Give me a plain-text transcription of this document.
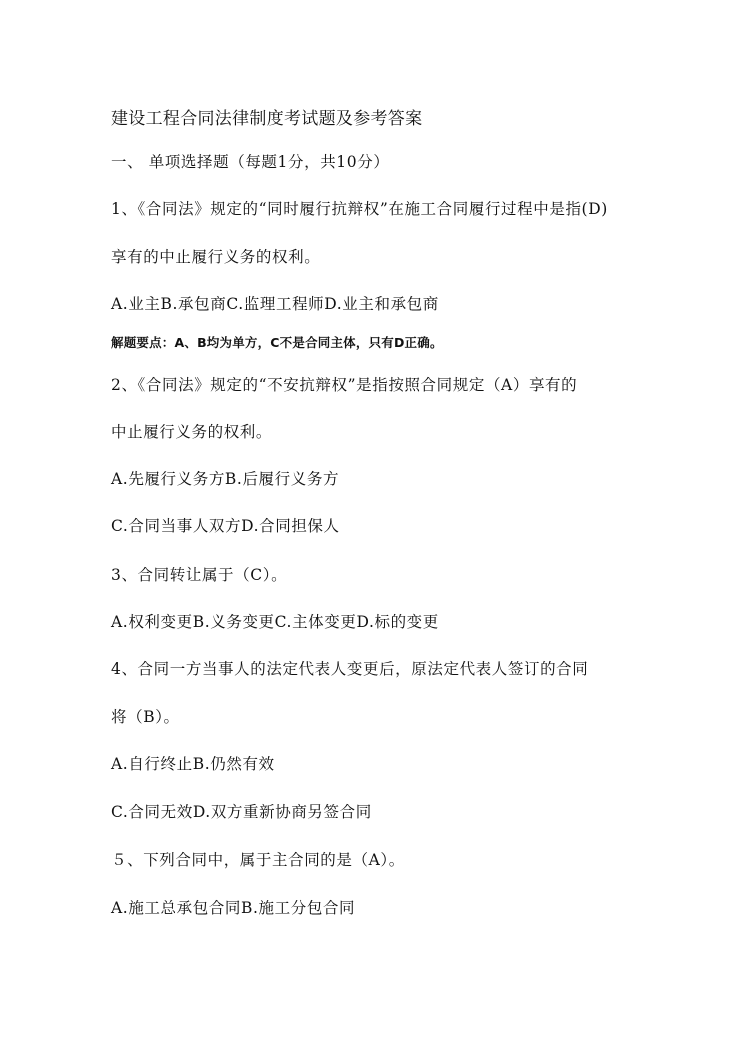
建设工程合同法律制度考试题及参考答案
一、 单项选择题（每题1分，共10分）
1、《合同法》规定的“同时履行抗辩权”在施工合同履行过程中是指(D)
享有的中止履行义务的权利。
A.业主B.承包商C.监理工程师D.业主和承包商
解题要点：A、B均为单方，C不是合同主体，只有D正确。
2、《合同法》规定的“不安抗辩权”是指按照合同规定（A）享有的
中止履行义务的权利。
A.先履行义务方B.后履行义务方
C.合同当事人双方D.合同担保人
3、合同转让属于（C）。
A.权利变更B.义务变更C.主体变更D.标的变更
4、合同一方当事人的法定代表人变更后，原法定代表人签订的合同
将（B）。
A.自行终止B.仍然有效
C.合同无效D.双方重新协商另签合同
５、下列合同中，属于主合同的是（A）。
A.施工总承包合同B.施工分包合同
